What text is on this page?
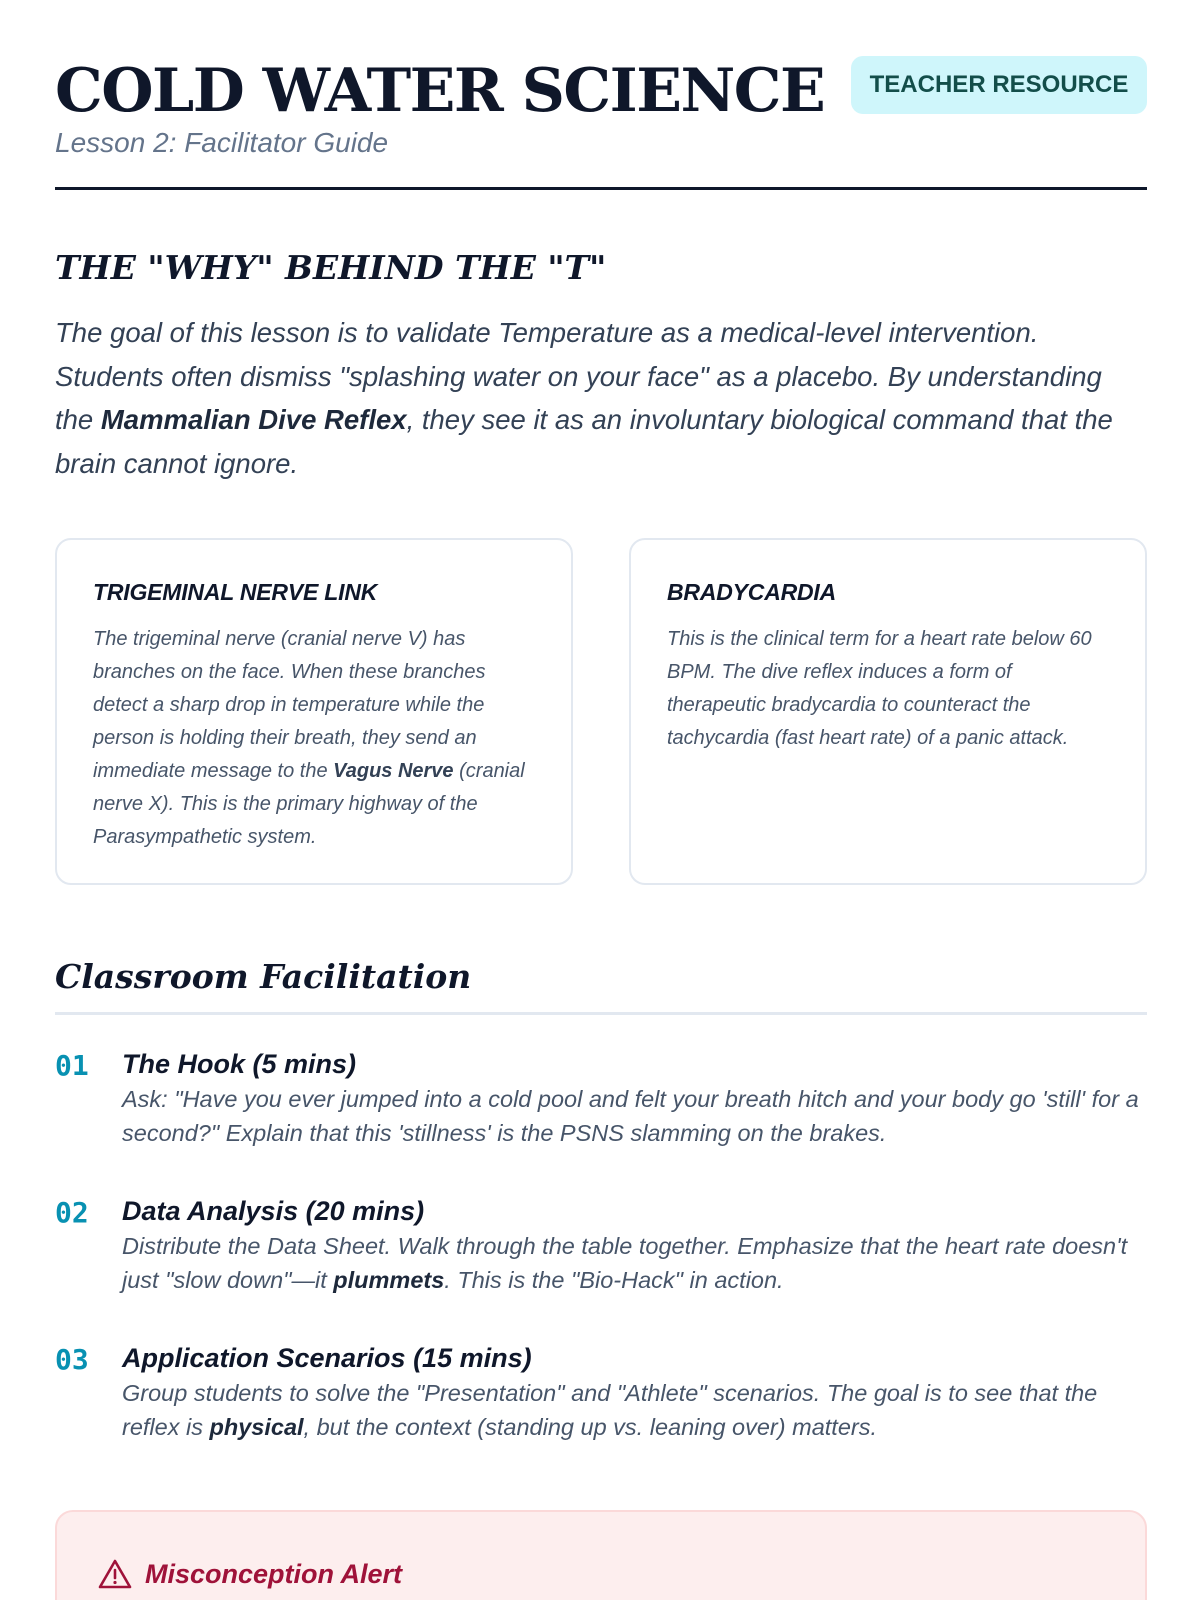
COLD WATER SCIENCE
Lesson 2: Facilitator Guide
TEACHER RESOURCE
THE "WHY" BEHIND THE "T"

The goal of this lesson is to validate Temperature as a medical-level intervention. Students often dismiss "splashing water on your face" as a placebo. By understanding the Mammalian Dive Reflex, they see it as an involuntary biological command that the brain cannot ignore.

TRIGEMINAL NERVE LINK

The trigeminal nerve (cranial nerve V) has branches on the face. When these branches detect a sharp drop in temperature while the person is holding their breath, they send an immediate message to the Vagus Nerve (cranial nerve X). This is the primary highway of the Parasympathetic system.

BRADYCARDIA

This is the clinical term for a heart rate below 60 BPM. The dive reflex induces a form of therapeutic bradycardia to counteract the tachycardia (fast heart rate) of a panic attack.

Classroom Facilitation
01 The Hook (5 mins)

Ask: "Have you ever jumped into a cold pool and felt your breath hitch and your body go 'still' for a second?" Explain that this 'stillness' is the PSNS slamming on the brakes.

02 Data Analysis (20 mins)

Distribute the Data Sheet. Walk through the table together. Emphasize that the heart rate doesn't just "slow down"—it plummets. This is the "Bio-Hack" in action.

03 Application Scenarios (15 mins)

Group students to solve the "Presentation" and "Athlete" scenarios. The goal is to see that the reflex is physical, but the context (standing up vs. leaning over) matters.

Misconception Alert
